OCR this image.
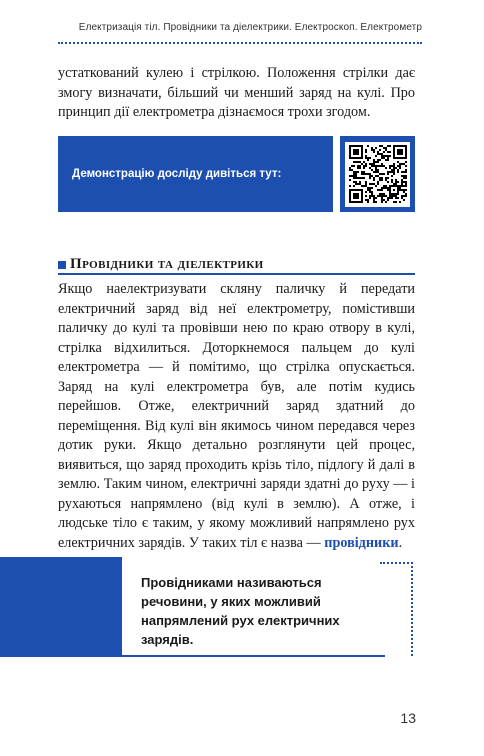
Електризація тіл. Провідники та діелектрики. Електроскоп. Електрометр

устаткований кулею і стрілкою. Положення стрілки дає змогу визначати, більший чи менший заряд на кулі. Про принцип дії електрометра дізнаємося трохи згодом.

Демонстрацію досліду дивіться тут:
Провідники та діелектрики

Якщо наелектризувати скляну паличку й передати електричний заряд від неї електрометру, помістивши паличку до кулі та провівши нею по краю отвору в кулі, стрілка відхилиться. Доторкнемося пальцем до кулі електрометра — й помітимо, що стрілка опускається. Заряд на кулі електрометра був, але потім кудись перейшов. Отже, електричний заряд здатний до переміщення. Від кулі він якимось чином передався через дотик руки. Якщо детально розглянути цей процес, виявиться, що заряд проходить крізь тіло, підлогу й далі в землю. Таким чином, електричні заряди здатні до руху — і рухаються напрямлено (від кулі в землю). А отже, і людське тіло є таким, у якому можливий напрямлено рух електричних зарядів. У таких тіл є назва — провідники.

Провідниками називаються речовини, у яких можливий напрямлений рух електричних зарядів.

13
